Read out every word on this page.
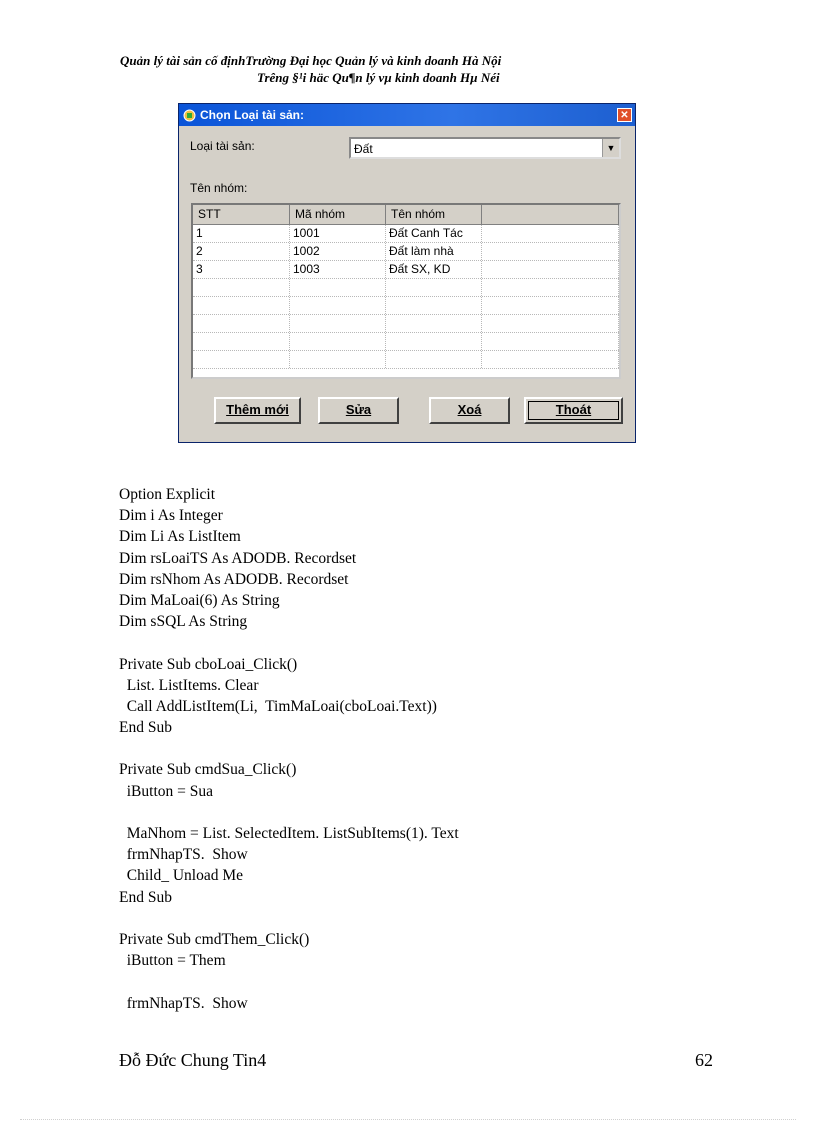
Quản lý tài sản cố địnhTrường Đại học Quản lý và kinh doanh Hà Nội
Trêng §¹i häc Qu¶n lý vµ kinh doanh Hµ Néi
Chọn Loại tài sản:	✕
Loại tài sản:	Đất	▼
Tên nhóm:
STT	Mã nhóm	Tên nhóm
1	1001	Đất Canh Tác
2	1002	Đất làm nhà
3	1003	Đất SX, KD
Thêm mới	Sửa	Xoá	Thoát
Option Explicit
Dim i As Integer
Dim Li As ListItem
Dim rsLoaiTS As ADODB. Recordset
Dim rsNhom As ADODB. Recordset
Dim MaLoai(6) As String
Dim sSQL As String
Private Sub cboLoai_Click()
List. ListItems. Clear
Call AddListItem(Li,  TimMaLoai(cboLoai.Text))
End Sub
Private Sub cmdSua_Click()
iButton = Sua
MaNhom = List. SelectedItem. ListSubItems(1). Text
frmNhapTS.  Show
Child_ Unload Me
End Sub
Private Sub cmdThem_Click()
iButton = Them
frmNhapTS.  Show
Đỗ Đức Chung Tin4	62
